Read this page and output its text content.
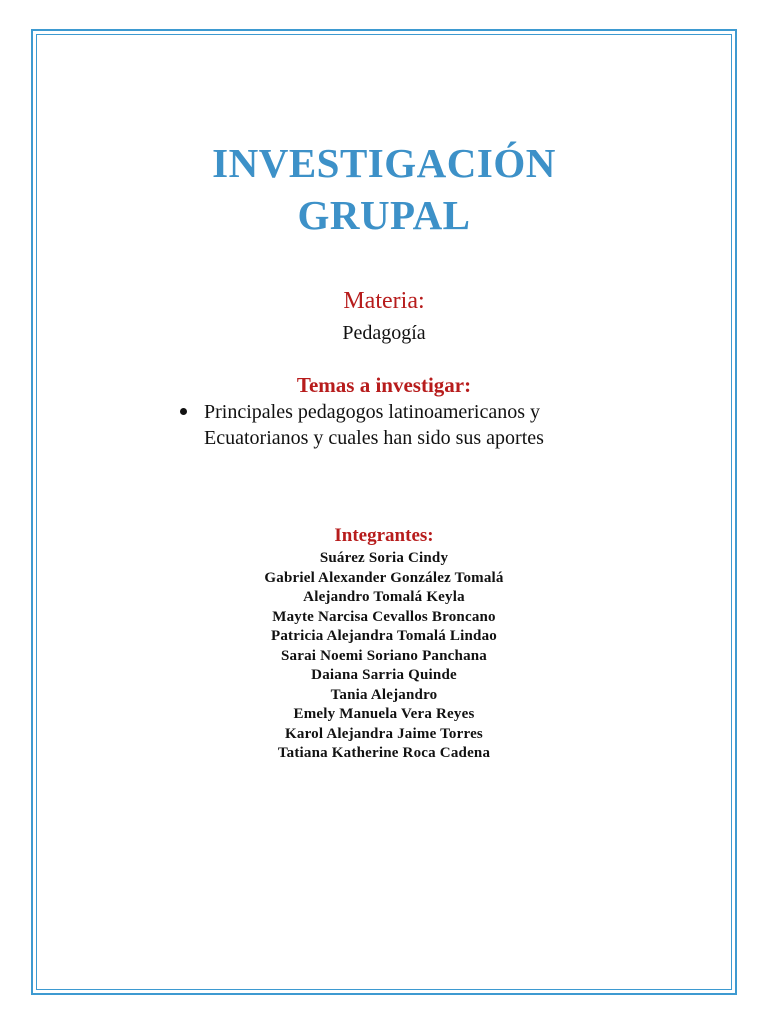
INVESTIGACIÓN
GRUPAL
Materia:
Pedagogía
Temas a investigar:
Principales pedagogos latinoamericanos y Ecuatorianos y cuales han sido sus aportes
Integrantes:
Suárez Soria Cindy
Gabriel Alexander González Tomalá
Alejandro Tomalá Keyla
Mayte Narcisa Cevallos Broncano
Patricia Alejandra Tomalá Lindao
Sarai Noemi Soriano Panchana
Daiana Sarria Quinde
Tania Alejandro
Emely Manuela Vera Reyes
Karol Alejandra Jaime Torres
Tatiana Katherine Roca Cadena
